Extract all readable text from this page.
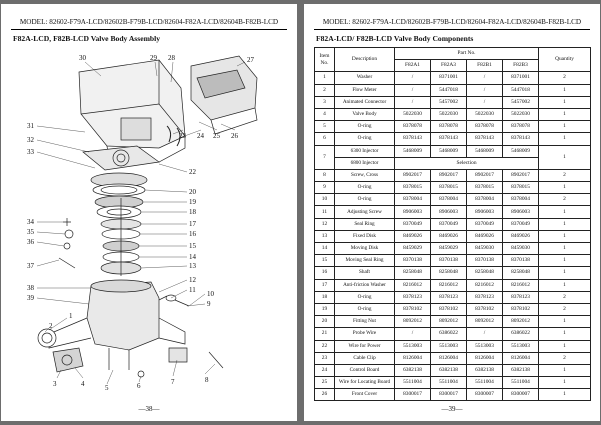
MODEL: 82602-F79A-LCD/82602B-F79B-LCD/82604-F82A-LCD/82604B-F82B-LCD
F82A-LCD, F82B-LCD Valve Body Assembly
30	29 28	27
31
32
33
23 24 25 26
22
20
19
18
17
16
15
14
34
35
36
37	13
12
11
38
39	10
9
1
2
8
7
6
5
4
3
—38—
MODEL: 82602-F79A-LCD/82602B-F79B-LCD/82604-F82A-LCD/82604B-F82B-LCD
F82A-LCD/ F82B-LCD Valve Body Components
Item No.	Description	Part No.				Quantity
		F82A1	F82A3	F82B1	F82B3	
1	Washer	/	8371001	/	8371001	2
2	Flow Meter	/	5447018	/	5447018	1
3	Animated Connector	/	5457002	/	5457002	1
4	Valve Body	5022030	5022030	5022030	5022030	1
5	O-ring	8378078	8378078	8378078	8378078	1
6	O-ring	8378143	8378143	8378143	8378143	1
7	6300 Injector	5468009	5468009	5468009	5468009	1
	6800 Injector	Selection				
8	Screw, Cross	8902017	8902017	8902017	8902017	2
9	O-ring	8378015	8378015	8378015	8378015	1
10	O-ring	8378004	8378004	8378004	8378004	2
11	Adjusting Screw	8906003	8906003	8906003	8906003	1
12	Seal Ring	8370049	8370049	8370049	8370049	1
13	Fixed Disk	8469026	8469026	8469026	8469026	1
14	Moving Disk	8459029	8459029	8459030	8459030	1
15	Moving Seal Ring	8370138	8370138	8370138	8370138	1
16	Shaft	8258048	8258048	8258048	8258048	1
17	Anti-friction Washer	8216012	8216012	8216012	8216012	1
18	O-ring	8378123	8378123	8378123	8378123	2
19	O-ring	8378102	8378102	8378102	8378102	2
20	Fitting Nut	8092012	8092012	8092012	8092012	1
21	Probe Wire	/	6386022	/	6386022	1
22	Wire for Power	5513003	5513003	5513003	5513003	1
23	Cable Clip	8126004	8126004	8126004	8126004	2
24	Control Board	6382138	6382138	6382138	6382138	1
25	Wire for Locating Board	5511004	5511004	5511004	5511004	1
26	Front Cover	8300017	8300017	8300007	8300007	1
—39—
